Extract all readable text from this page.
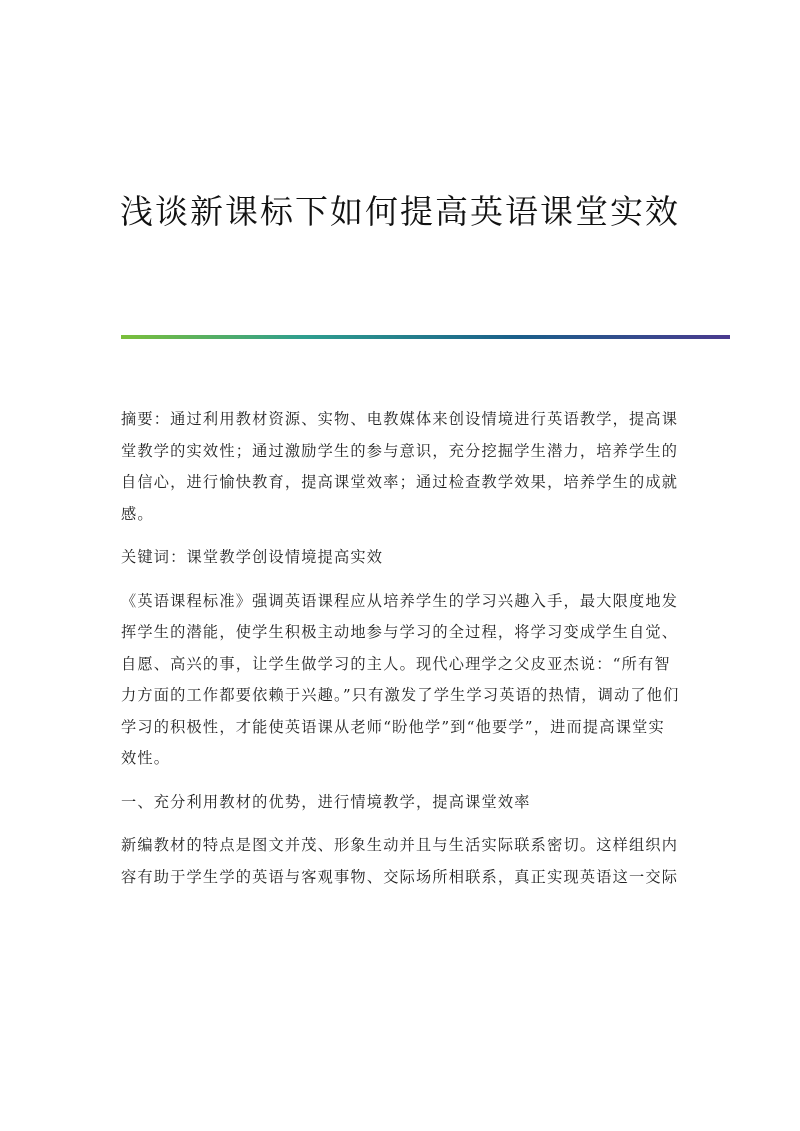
浅谈新课标下如何提高英语课堂实效

摘要：通过利用教材资源、实物、电教媒体来创设情境进行英语教学，提高课堂教学的实效性；通过激励学生的参与意识，充分挖掘学生潜力，培养学生的自信心，进行愉快教育，提高课堂效率；通过检查教学效果，培养学生的成就感。

关键词：课堂教学创设情境提高实效

《英语课程标准》强调英语课程应从培养学生的学习兴趣入手，最大限度地发挥学生的潜能，使学生积极主动地参与学习的全过程，将学习变成学生自觉、自愿、高兴的事，让学生做学习的主人。现代心理学之父皮亚杰说：“所有智力方面的工作都要依赖于兴趣。”只有激发了学生学习英语的热情，调动了他们学习的积极性，才能使英语课从老师“盼他学”到“他要学”，进而提高课堂实效性。

一、充分利用教材的优势，进行情境教学，提高课堂效率

新编教材的特点是图文并茂、形象生动并且与生活实际联系密切。这样组织内容有助于学生学的英语与客观事物、交际场所相联系，真正实现英语这一交际
